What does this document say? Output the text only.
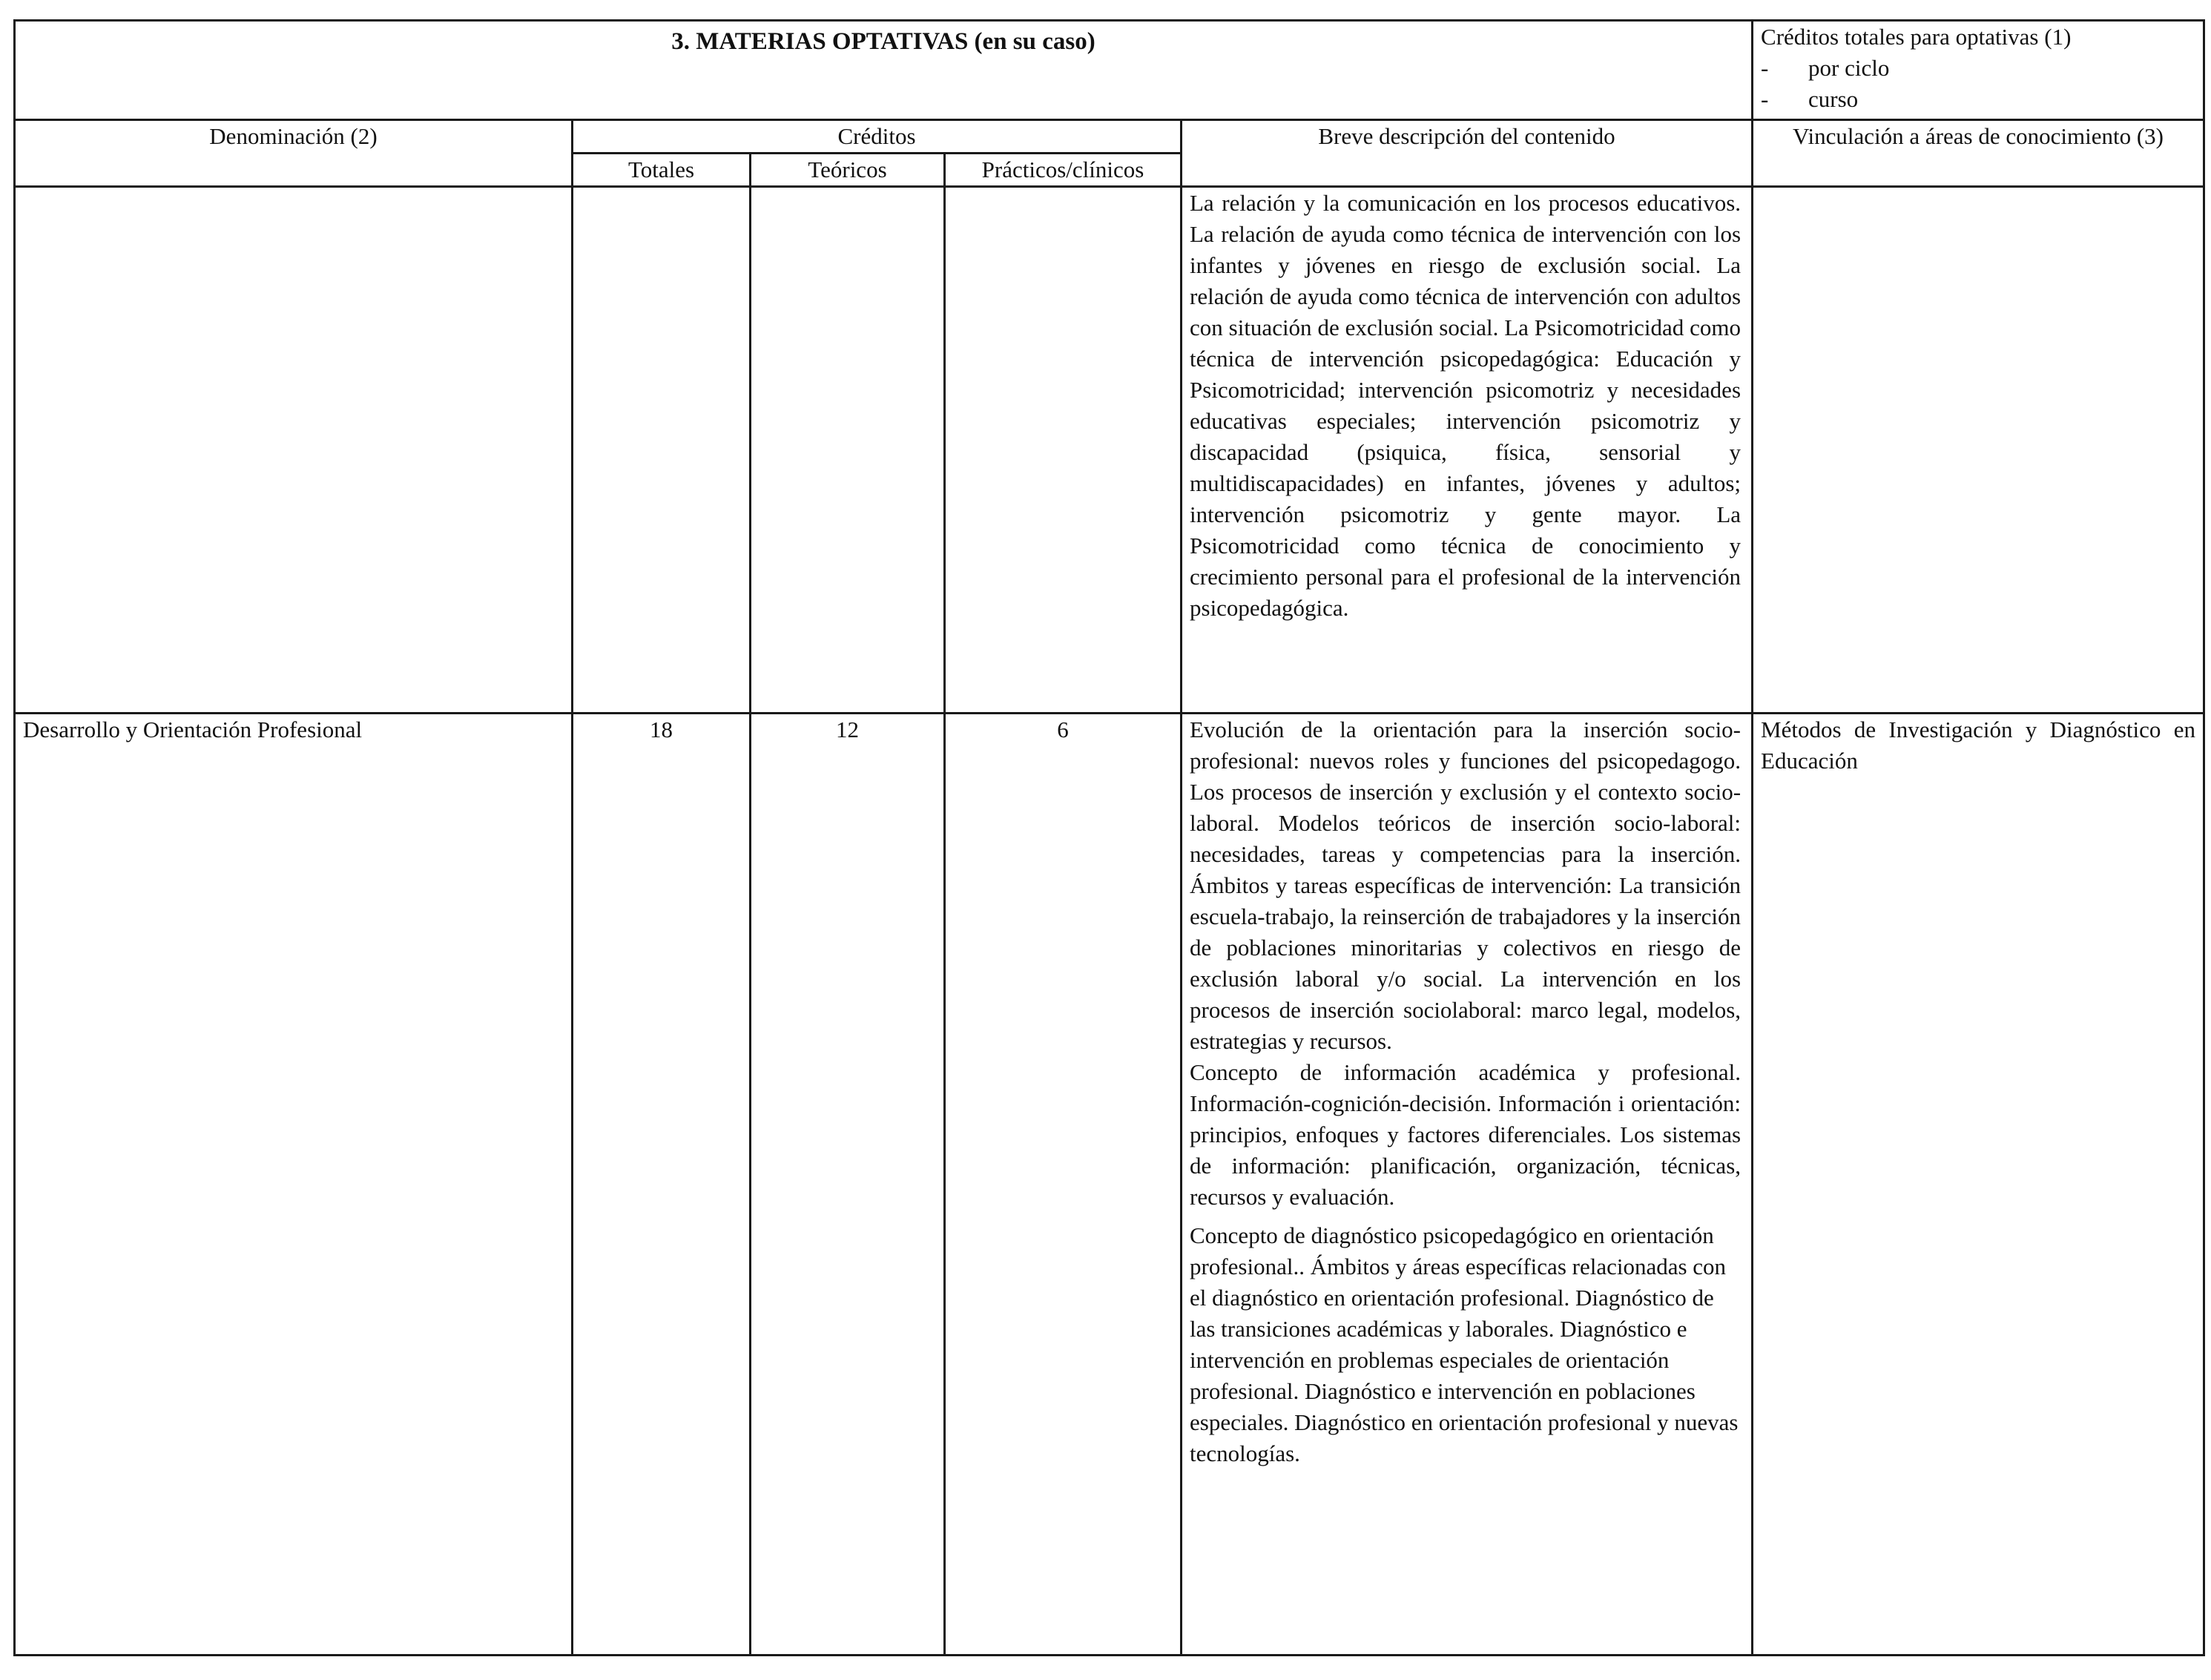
3. MATERIAS OPTATIVAS (en su caso)					Créditos totales para optativas (1)
- por ciclo
- curso

Denominación (2)	Créditos			Breve descripción del contenido	Vinculación a áreas de conocimiento (3)
	Totales	Teóricos	Prácticos/clínicos		

				La relación y la comunicación en los procesos educativos. La relación de ayuda como técnica de intervención con los infantes y jóvenes en riesgo de exclusión social. La relación de ayuda como técnica de intervención con adultos con situación de exclusión social. La Psicomotricidad como técnica de intervención psicopedagógica: Educación y Psicomotricidad; intervención psicomotriz y necesidades educativas especiales; intervención psicomotriz y discapacidad (psiquica, física, sensorial y multidiscapacidades) en infantes, jóvenes y adultos; intervención psicomotriz y gente mayor. La Psicomotricidad como técnica de conocimiento y crecimiento personal para el profesional de la intervención psicopedagógica.	

Desarrollo y Orientación Profesional	18	12	6	Evolución de la orientación para la inserción socio-profesional: nuevos roles y funciones del psicopedagogo. Los procesos de inserción y exclusión y el contexto socio-laboral. Modelos teóricos de inserción socio-laboral: necesidades, tareas y competencias para la inserción. Ámbitos y tareas específicas de intervención: La transición escuela-trabajo, la reinserción de trabajadores y la inserción de poblaciones minoritarias y colectivos en riesgo de exclusión laboral y/o social. La intervención en los procesos de inserción sociolaboral: marco legal, modelos, estrategias y recursos.

Concepto de información académica y profesional. Información-cognición-decisión. Información i orientación: principios, enfoques y factores diferenciales. Los sistemas de información: planificación, organización, técnicas, recursos y evaluación.

Concepto de diagnóstico psicopedagógico en orientación profesional.. Ámbitos y áreas específicas relacionadas con el diagnóstico en orientación profesional. Diagnóstico de las transiciones académicas y laborales. Diagnóstico e intervención en problemas especiales de orientación profesional. Diagnóstico e intervención en poblaciones especiales. Diagnóstico en orientación profesional y nuevas tecnologías.	Métodos de Investigación y Diagnóstico en Educación
